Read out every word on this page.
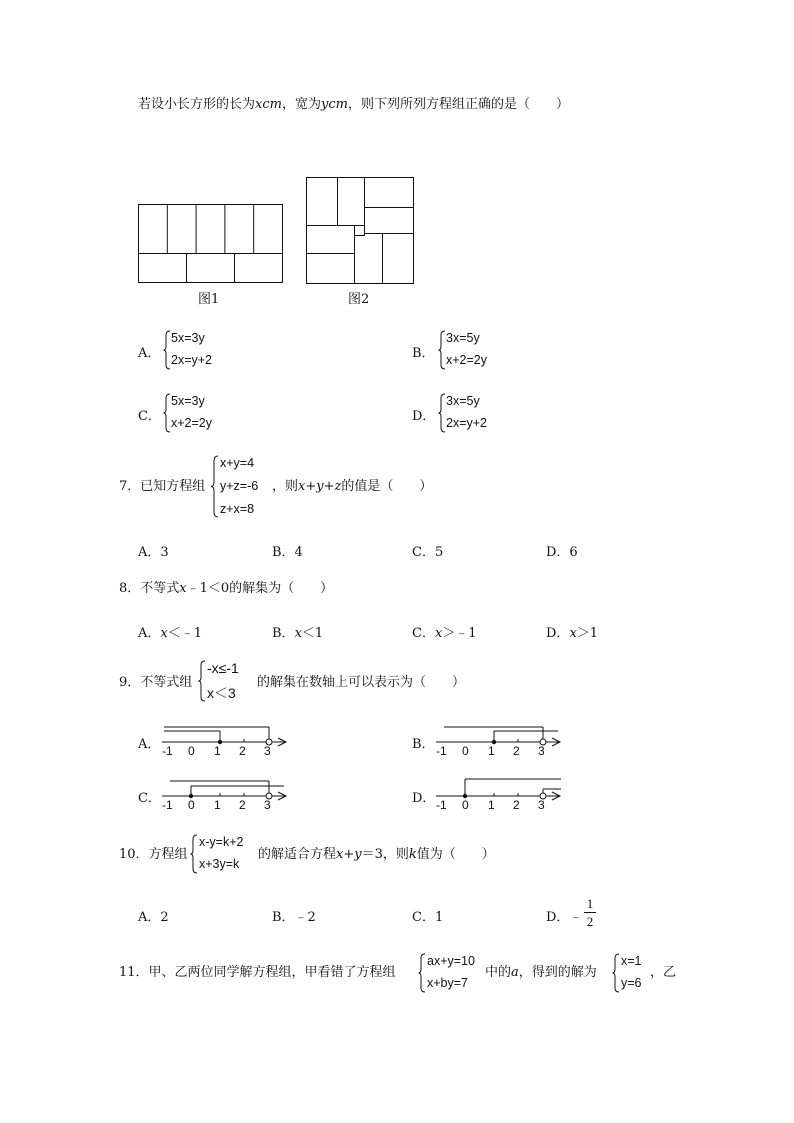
若设小长方形的长为xcm，宽为ycm，则下列所列方程组正确的是（　　）
图1	图2
A．
5x=3y
2x=y+2	B．
3x=5y
x+2=2y
C．
5x=3y
x+2=2y	D．
3x=5y
2x=y+2
7．已知方程组
x+y=4
y+z=-6
z+x=8
，则x+y+z的值是（　　）
A．3	B．4	C．5	D．6
8．不等式x﹣1＜0的解集为（　　）
A．x＜﹣1	B．x＜1	C．x＞﹣1	D．x＞1
9．不等式组
-x≤-1
x＜3
的解集在数轴上可以表示为（　　）
A． -1 0 1 2 3	B． -1 0 1 2 3
C． -1 0 1 2 3	D． -1 0 1 2 3
10．方程组
x-y=k+2
x+3y=k
的解适合方程x+y＝3，则k值为（　　）
A．2	B．﹣2	C．1	D．﹣
1
2
11．甲、乙两位同学解方程组，甲看错了方程组
ax+y=10
x+by=7
中的a，得到的解为
x=1
y=6
，乙
